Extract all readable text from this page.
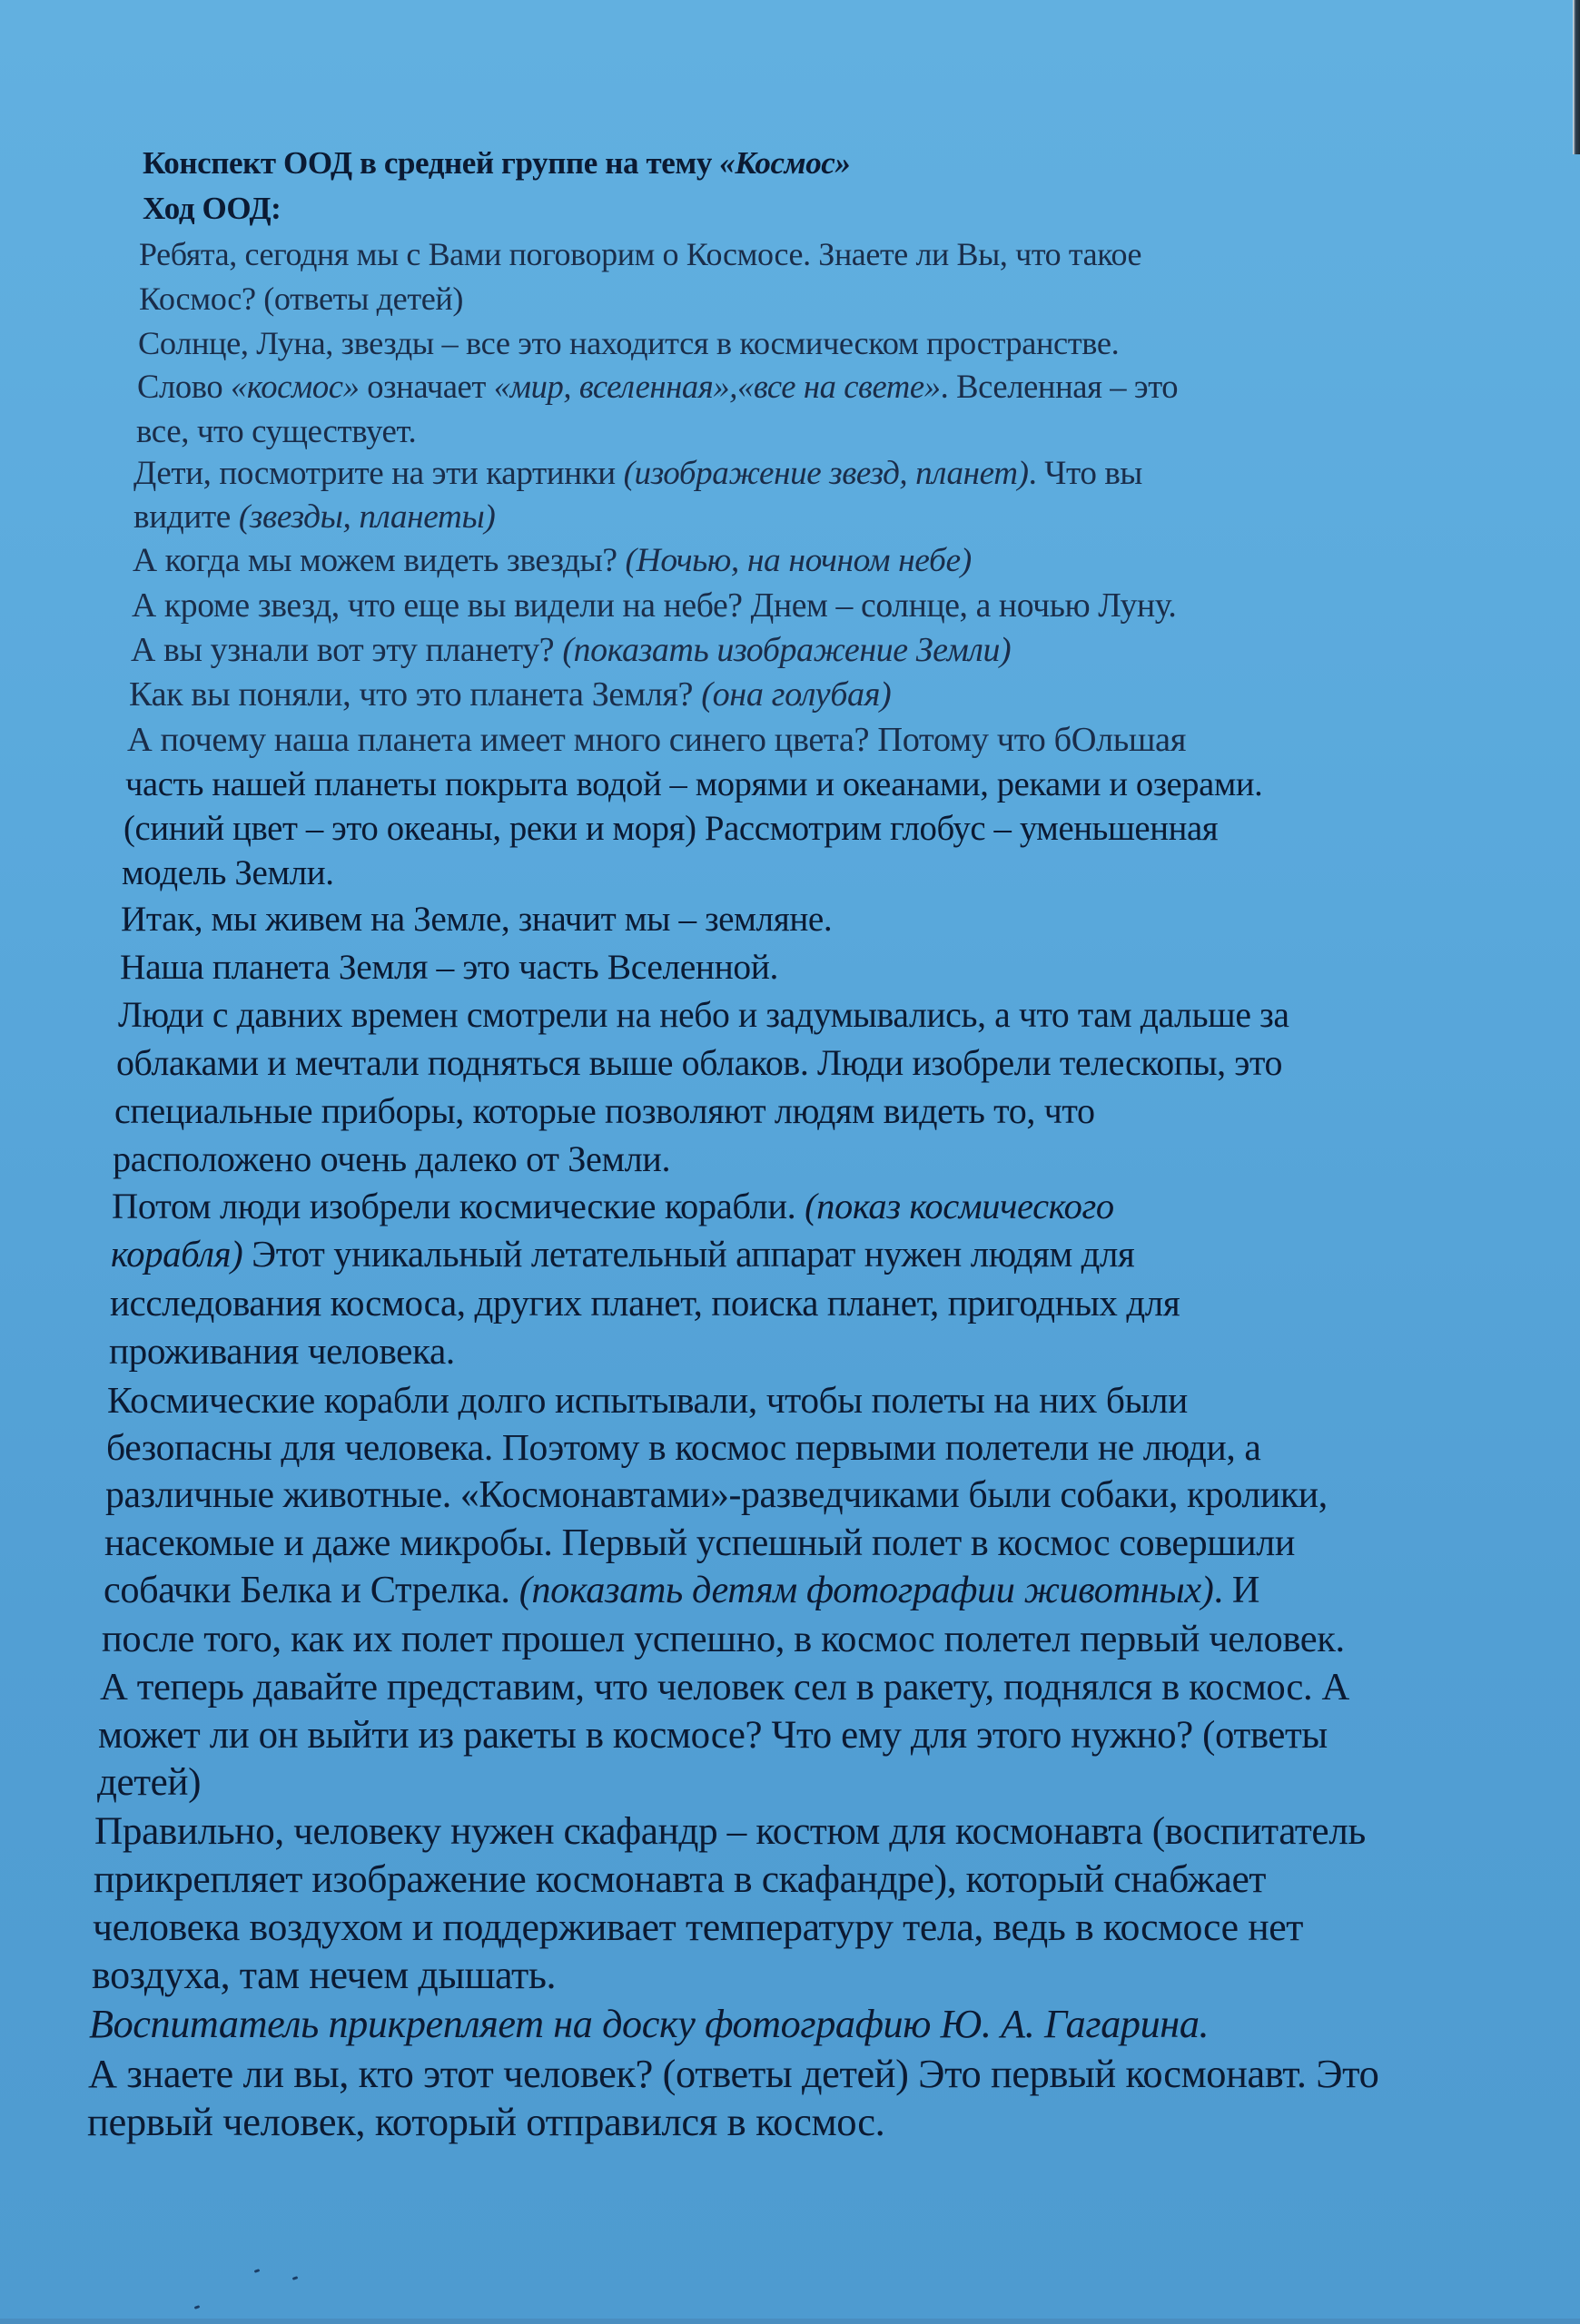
Конспект ООД в средней группе на тему «Космос»
Ход ООД:
Ребята, сегодня мы с Вами поговорим о Космосе. Знаете ли Вы, что такое
Космос? (ответы детей)
Солнце, Луна, звезды – все это находится в космическом пространстве.
Слово «космос» означает «мир, вселенная»,«все на свете». Вселенная – это
все, что существует.
Дети, посмотрите на эти картинки (изображение звезд, планет). Что вы
видите (звезды, планеты)
А когда мы можем видеть звезды? (Ночью, на ночном небе)
А кроме звезд, что еще вы видели на небе? Днем – солнце, а ночью Луну.
А вы узнали вот эту планету? (показать изображение Земли)
Как вы поняли, что это планета Земля? (она голубая)
А почему наша планета имеет много синего цвета? Потому что бОльшая
часть нашей планеты покрыта водой – морями и океанами, реками и озерами.
(синий цвет – это океаны, реки и моря) Рассмотрим глобус – уменьшенная
модель Земли.
Итак, мы живем на Земле, значит мы – земляне.
Наша планета Земля – это часть Вселенной.
Люди с давних времен смотрели на небо и задумывались, а что там дальше за
облаками и мечтали подняться выше облаков. Люди изобрели телескопы, это
специальные приборы, которые позволяют людям видеть то, что
расположено очень далеко от Земли.
Потом люди изобрели космические корабли. (показ космического
корабля) Этот уникальный летательный аппарат нужен людям для
исследования космоса, других планет, поиска планет, пригодных для
проживания человека.
Космические корабли долго испытывали, чтобы полеты на них были
безопасны для человека. Поэтому в космос первыми полетели не люди, а
различные животные. «Космонавтами»-разведчиками были собаки, кролики,
насекомые и даже микробы. Первый успешный полет в космос совершили
собачки Белка и Стрелка. (показать детям фотографии животных). И
после того, как их полет прошел успешно, в космос полетел первый человек.
А теперь давайте представим, что человек сел в ракету, поднялся в космос. А
может ли он выйти из ракеты в космосе? Что ему для этого нужно? (ответы
детей)
Правильно, человеку нужен скафандр – костюм для космонавта (воспитатель
прикрепляет изображение космонавта в скафандре), который снабжает
человека воздухом и поддерживает температуру тела, ведь в космосе нет
воздуха, там нечем дышать.
Воспитатель прикрепляет на доску фотографию Ю. А. Гагарина.
А знаете ли вы, кто этот человек? (ответы детей) Это первый космонавт. Это
первый человек, который отправился в космос.
